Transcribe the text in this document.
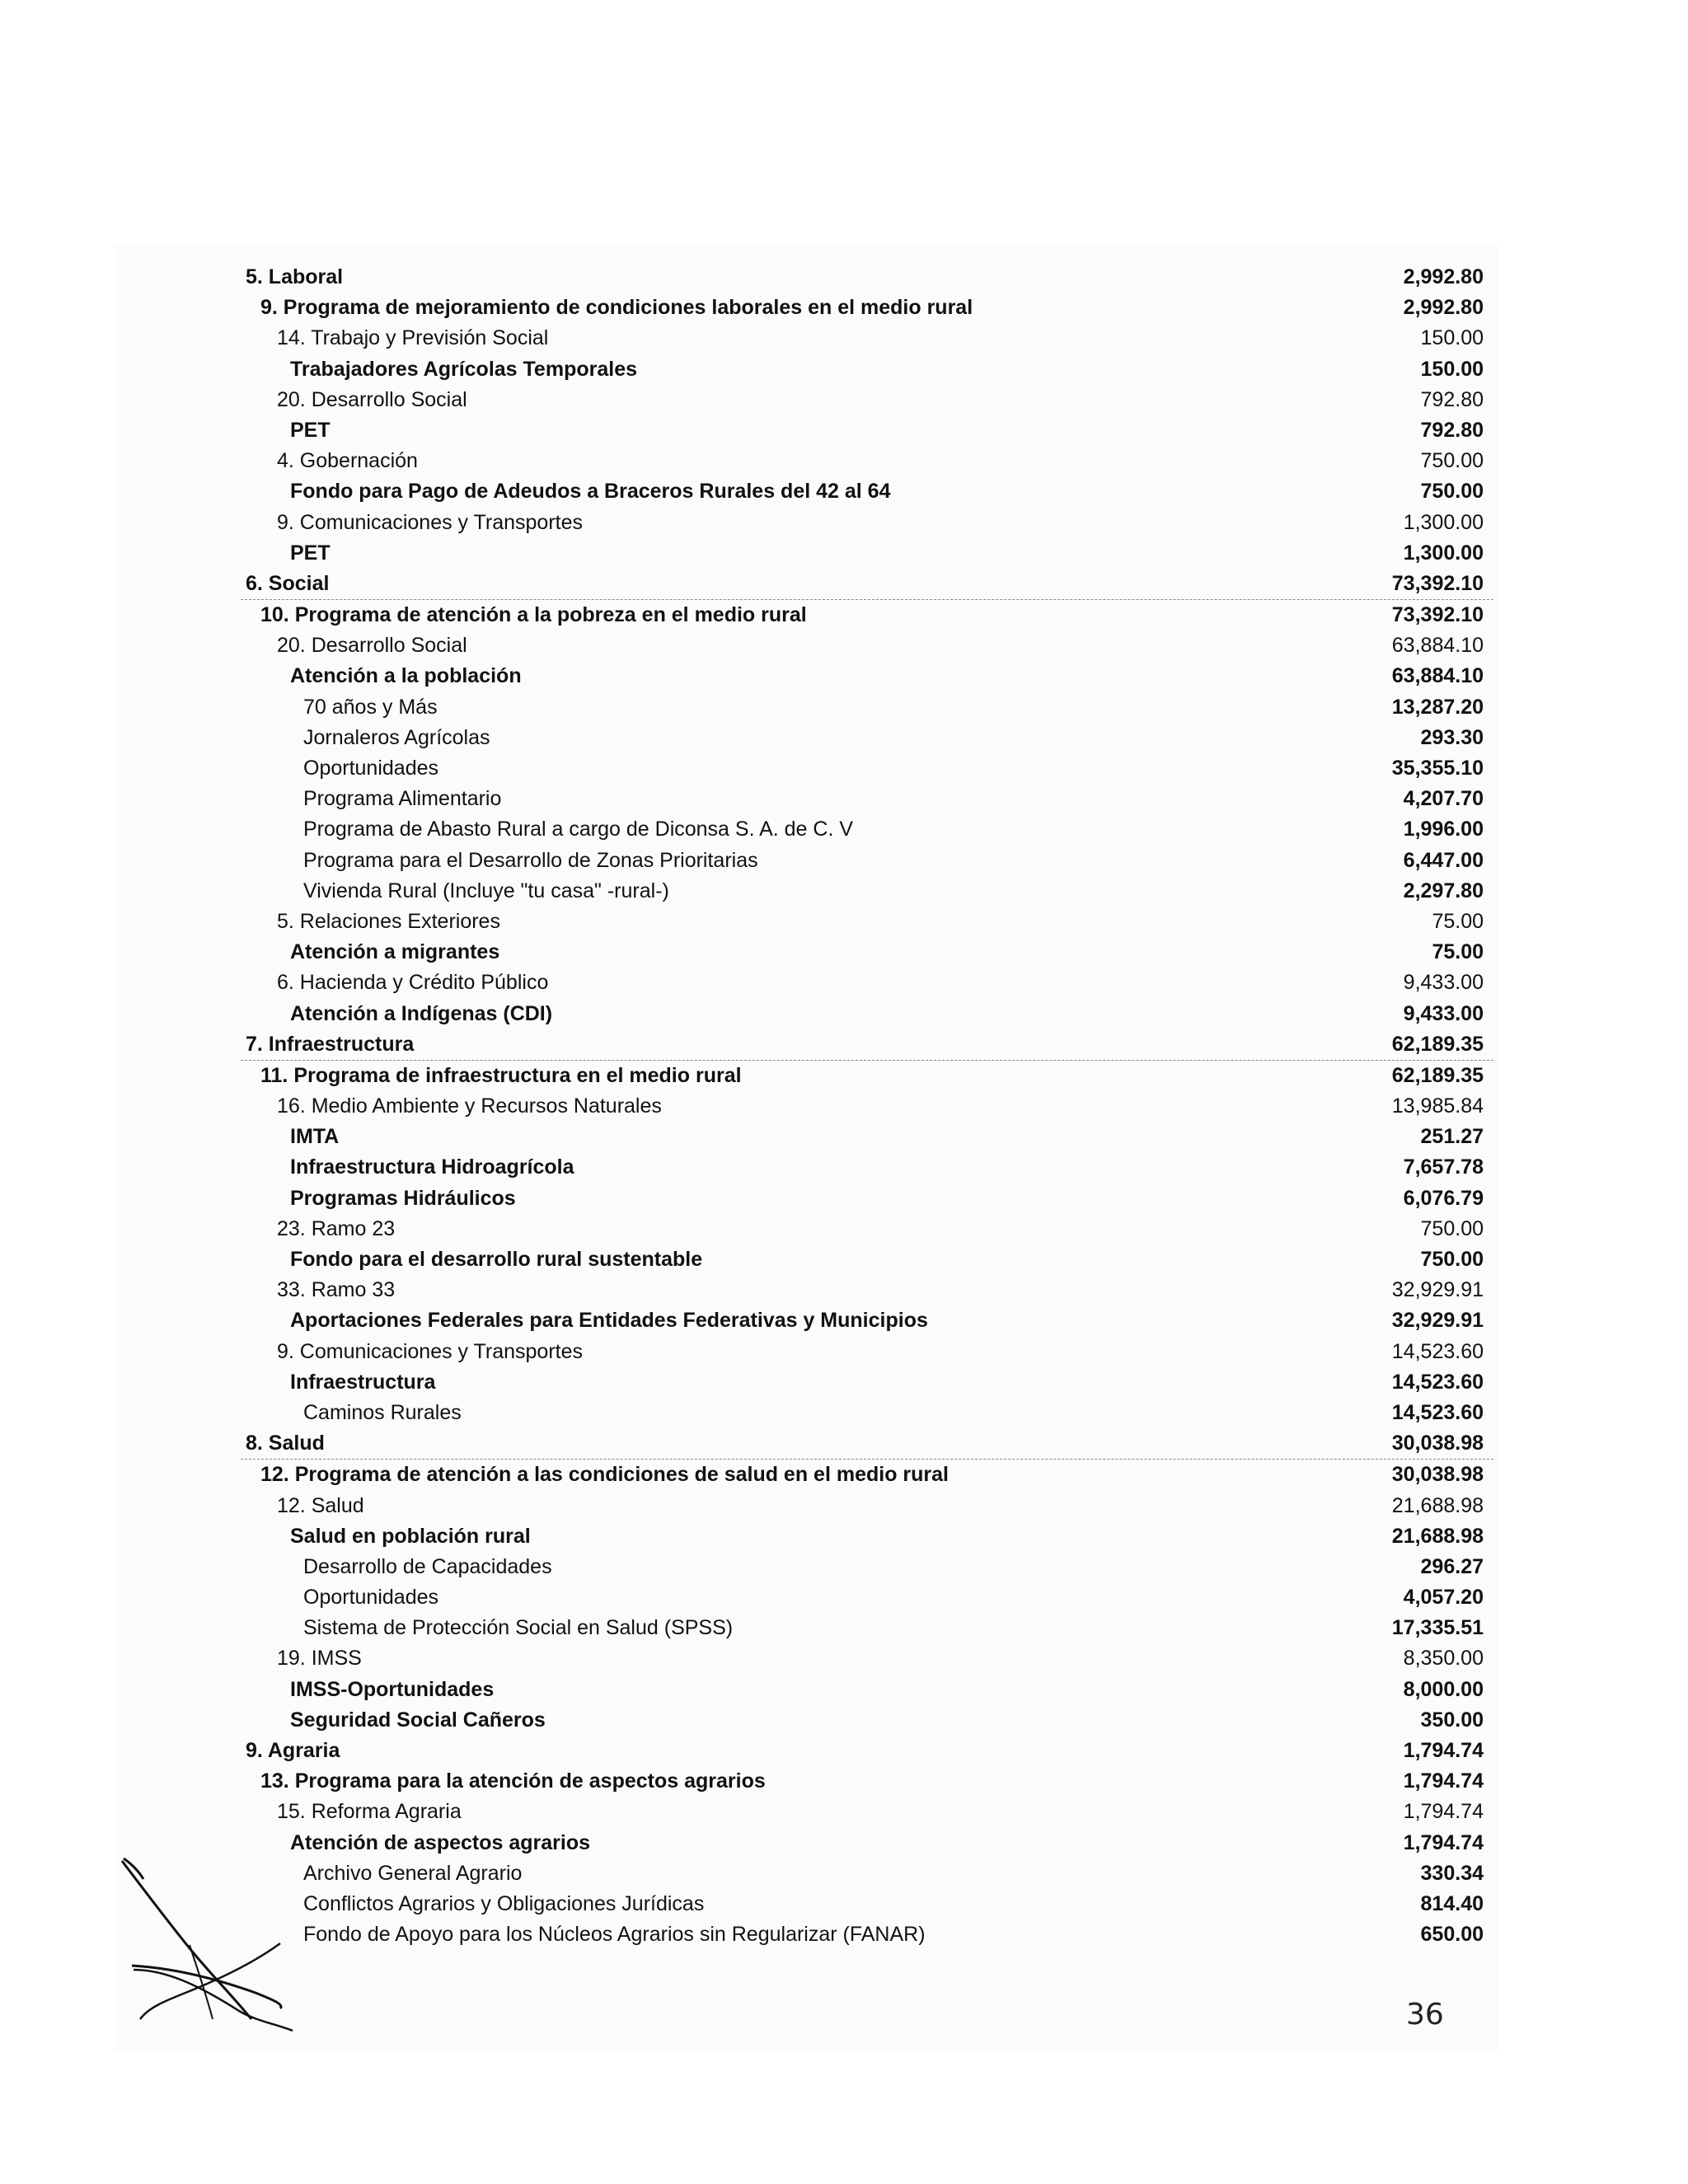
5. Laboral	2,992.80
9. Programa de mejoramiento de condiciones laborales en el medio rural	2,992.80
14. Trabajo y Previsión Social	150.00
Trabajadores Agrícolas Temporales	150.00
20. Desarrollo Social	792.80
PET	792.80
4. Gobernación	750.00
Fondo para Pago de Adeudos a Braceros Rurales del 42 al 64	750.00
9. Comunicaciones y Transportes	1,300.00
PET	1,300.00
6. Social	73,392.10
10. Programa de atención a la pobreza en el medio rural	73,392.10
20. Desarrollo Social	63,884.10
Atención a la población	63,884.10
70 años y Más	13,287.20
Jornaleros Agrícolas	293.30
Oportunidades	35,355.10
Programa Alimentario	4,207.70
Programa de Abasto Rural a cargo de Diconsa S. A. de C. V	1,996.00
Programa para el Desarrollo de Zonas Prioritarias	6,447.00
Vivienda Rural (Incluye "tu casa" -rural-)	2,297.80
5. Relaciones Exteriores	75.00
Atención a migrantes	75.00
6. Hacienda y Crédito Público	9,433.00
Atención a Indígenas (CDI)	9,433.00
7. Infraestructura	62,189.35
11. Programa de infraestructura en el medio rural	62,189.35
16. Medio Ambiente y Recursos Naturales	13,985.84
IMTA	251.27
Infraestructura Hidroagrícola	7,657.78
Programas Hidráulicos	6,076.79
23. Ramo 23	750.00
Fondo para el desarrollo rural sustentable	750.00
33. Ramo 33	32,929.91
Aportaciones Federales para Entidades Federativas y Municipios	32,929.91
9. Comunicaciones y Transportes	14,523.60
Infraestructura	14,523.60
Caminos Rurales	14,523.60
8. Salud	30,038.98
12. Programa de atención a las condiciones de salud en el medio rural	30,038.98
12. Salud	21,688.98
Salud en población rural	21,688.98
Desarrollo de Capacidades	296.27
Oportunidades	4,057.20
Sistema de Protección Social en Salud (SPSS)	17,335.51
19. IMSS	8,350.00
IMSS-Oportunidades	8,000.00
Seguridad Social Cañeros	350.00
9. Agraria	1,794.74
13. Programa para la atención de aspectos agrarios	1,794.74
15. Reforma Agraria	1,794.74
Atención de aspectos agrarios	1,794.74
Archivo General Agrario	330.34
Conflictos Agrarios y Obligaciones Jurídicas	814.40
Fondo de Apoyo para los Núcleos Agrarios sin Regularizar (FANAR)	650.00
36
